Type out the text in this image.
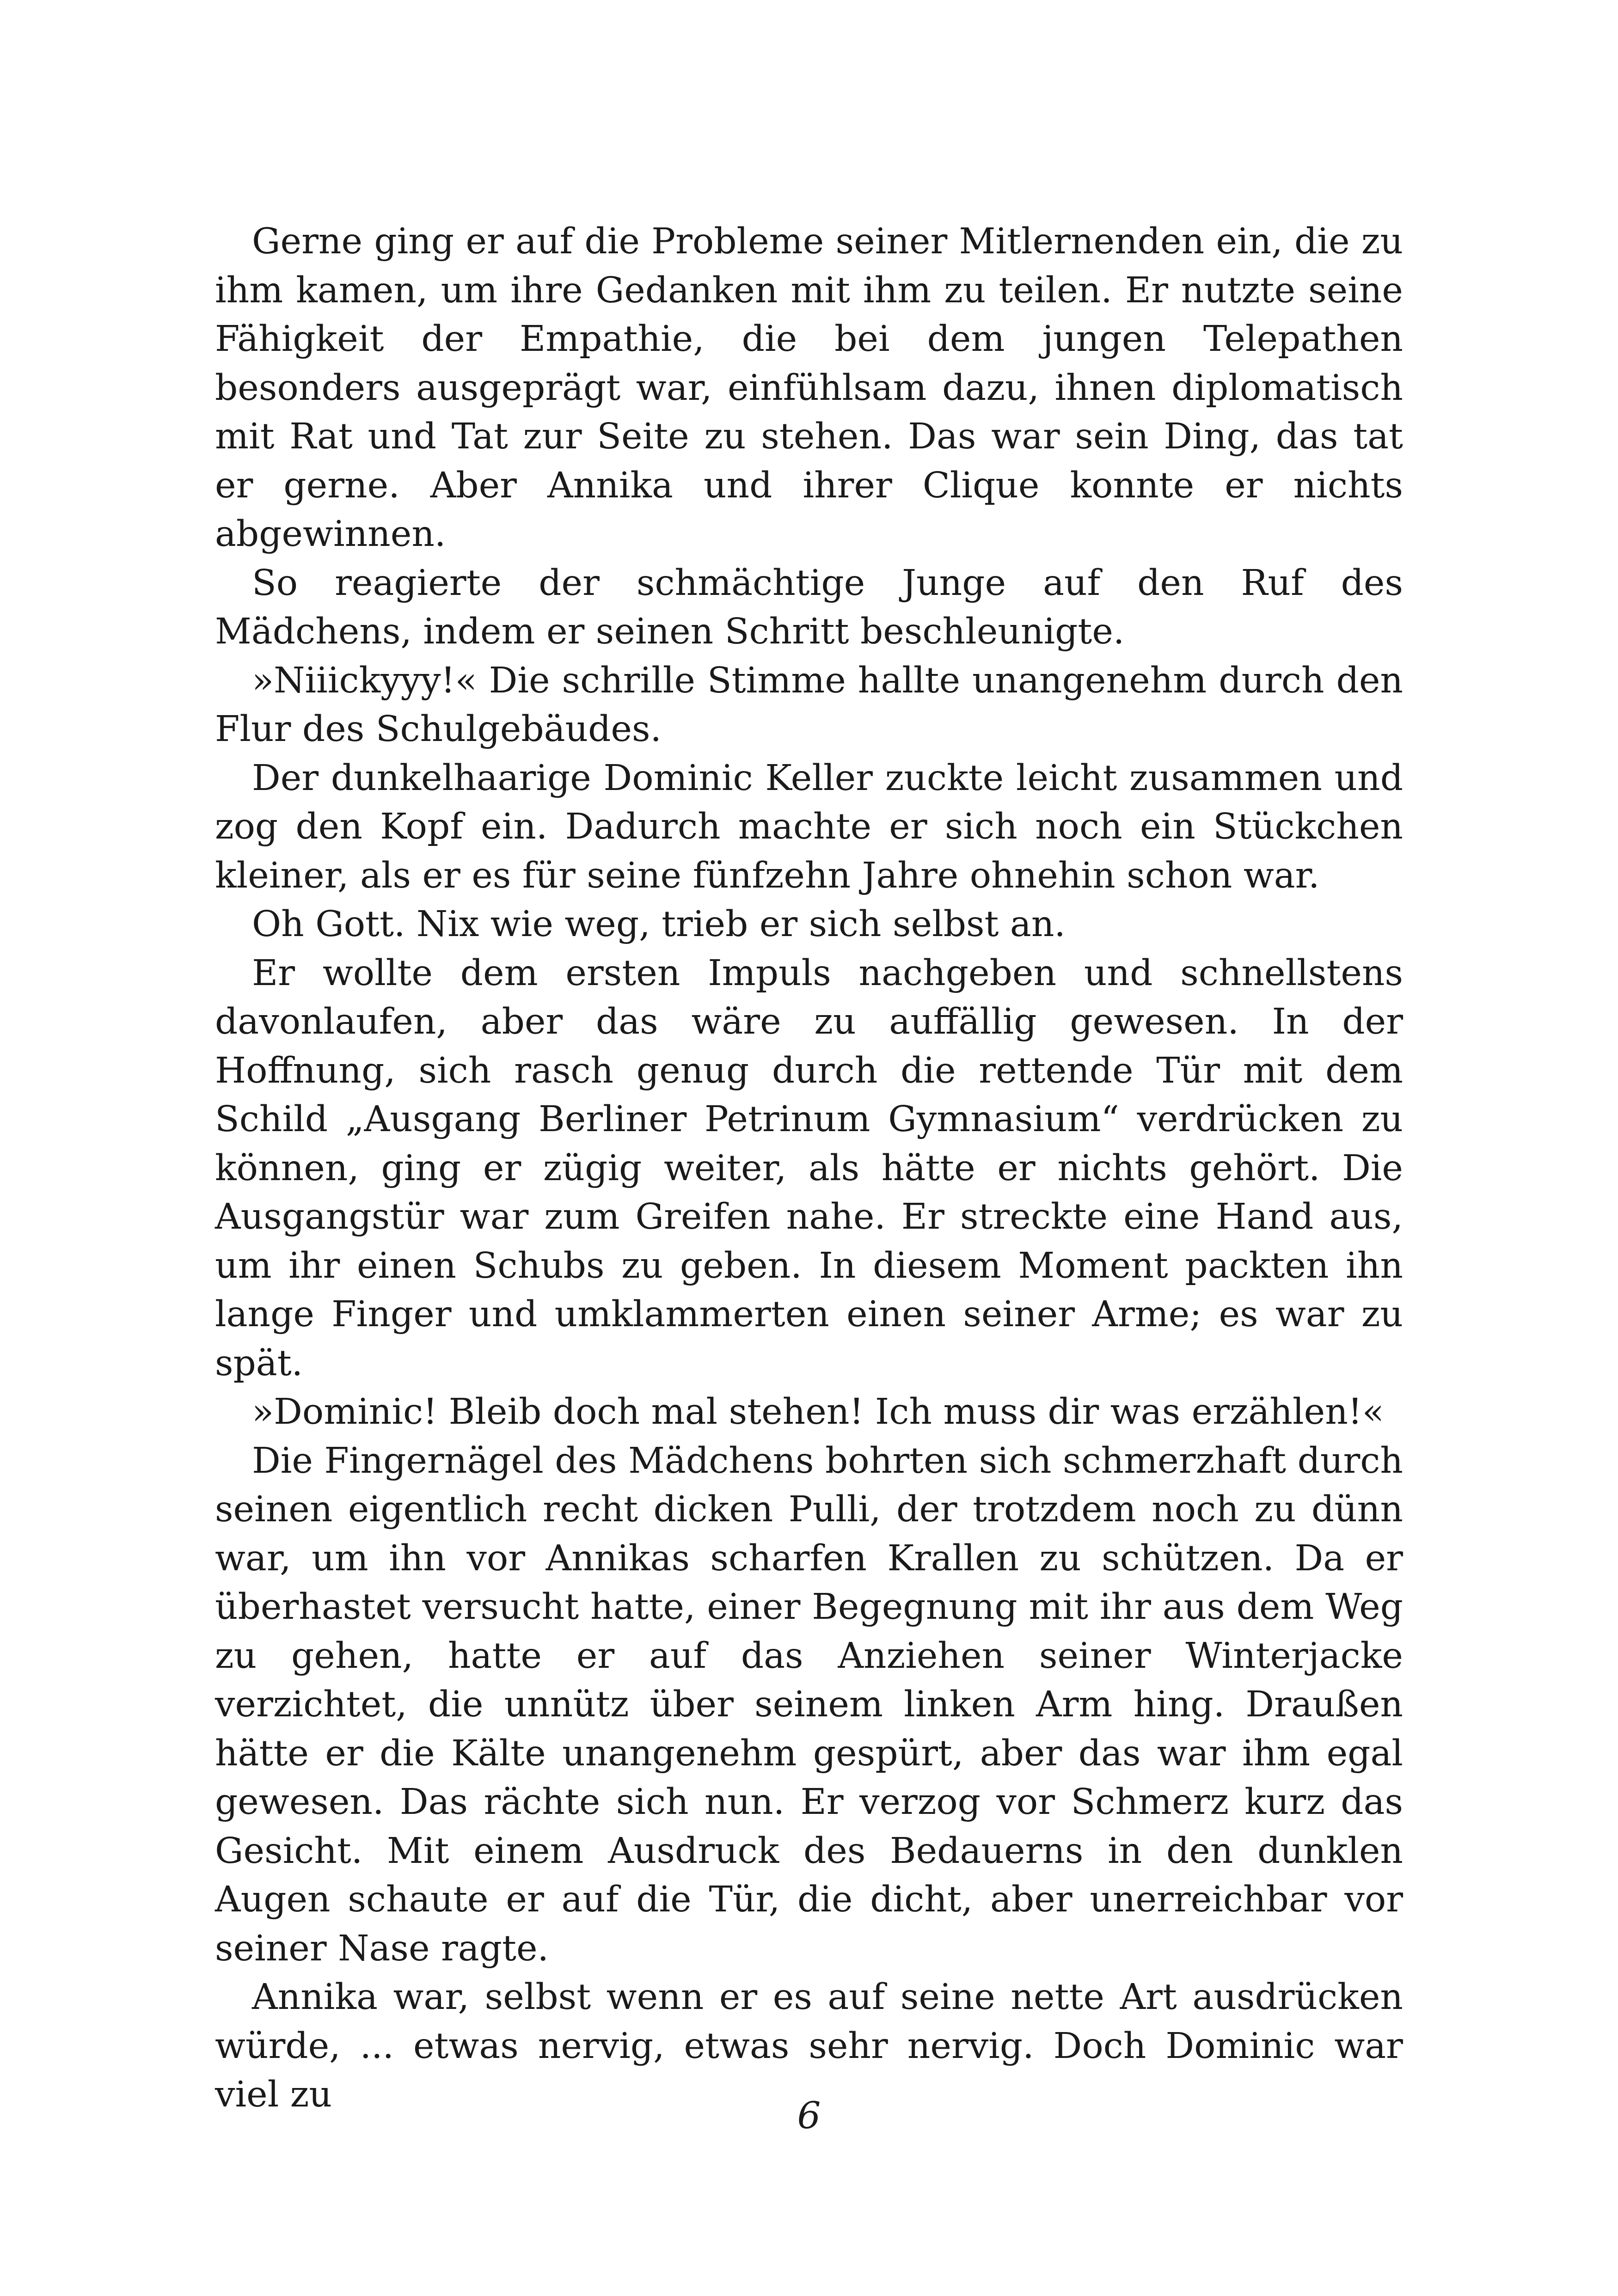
Gerne ging er auf die Probleme seiner Mitlernenden ein, die zu ihm kamen, um ihre Gedanken mit ihm zu teilen. Er nutzte seine Fähigkeit der Empathie, die bei dem jungen Telepathen besonders ausgeprägt war, einfühlsam dazu, ihnen diplomatisch mit Rat und Tat zur Seite zu stehen. Das war sein Ding, das tat er gerne. Aber Annika und ihrer Clique konnte er nichts abgewinnen.

So reagierte der schmächtige Junge auf den Ruf des Mädchens, indem er seinen Schritt beschleunigte.

»Niiickyyy!« Die schrille Stimme hallte unangenehm durch den Flur des Schulgebäudes.

Der dunkelhaarige Dominic Keller zuckte leicht zusammen und zog den Kopf ein. Dadurch machte er sich noch ein Stückchen kleiner, als er es für seine fünfzehn Jahre ohnehin schon war.

Oh Gott. Nix wie weg, trieb er sich selbst an.

Er wollte dem ersten Impuls nachgeben und schnellstens davonlaufen, aber das wäre zu auffällig gewesen. In der Hoffnung, sich rasch genug durch die rettende Tür mit dem Schild „Ausgang Berliner Petrinum Gymnasium“ verdrücken zu können, ging er zügig weiter, als hätte er nichts gehört. Die Ausgangstür war zum Greifen nahe. Er streckte eine Hand aus, um ihr einen Schubs zu geben. In diesem Moment packten ihn lange Finger und umklammerten einen seiner Arme; es war zu spät.

»Dominic! Bleib doch mal stehen! Ich muss dir was erzählen!«

Die Fingernägel des Mädchens bohrten sich schmerzhaft durch seinen eigentlich recht dicken Pulli, der trotzdem noch zu dünn war, um ihn vor Annikas scharfen Krallen zu schützen. Da er überhastet versucht hatte, einer Begegnung mit ihr aus dem Weg zu gehen, hatte er auf das Anziehen seiner Winterjacke verzichtet, die unnütz über seinem linken Arm hing. Draußen hätte er die Kälte unangenehm gespürt, aber das war ihm egal gewesen. Das rächte sich nun. Er verzog vor Schmerz kurz das Gesicht. Mit einem Ausdruck des Bedauerns in den dunklen Augen schaute er auf die Tür, die dicht, aber unerreichbar vor seiner Nase ragte.

Annika war, selbst wenn er es auf seine nette Art ausdrücken würde, ... etwas nervig, etwas sehr nervig. Doch Dominic war viel zu	6
